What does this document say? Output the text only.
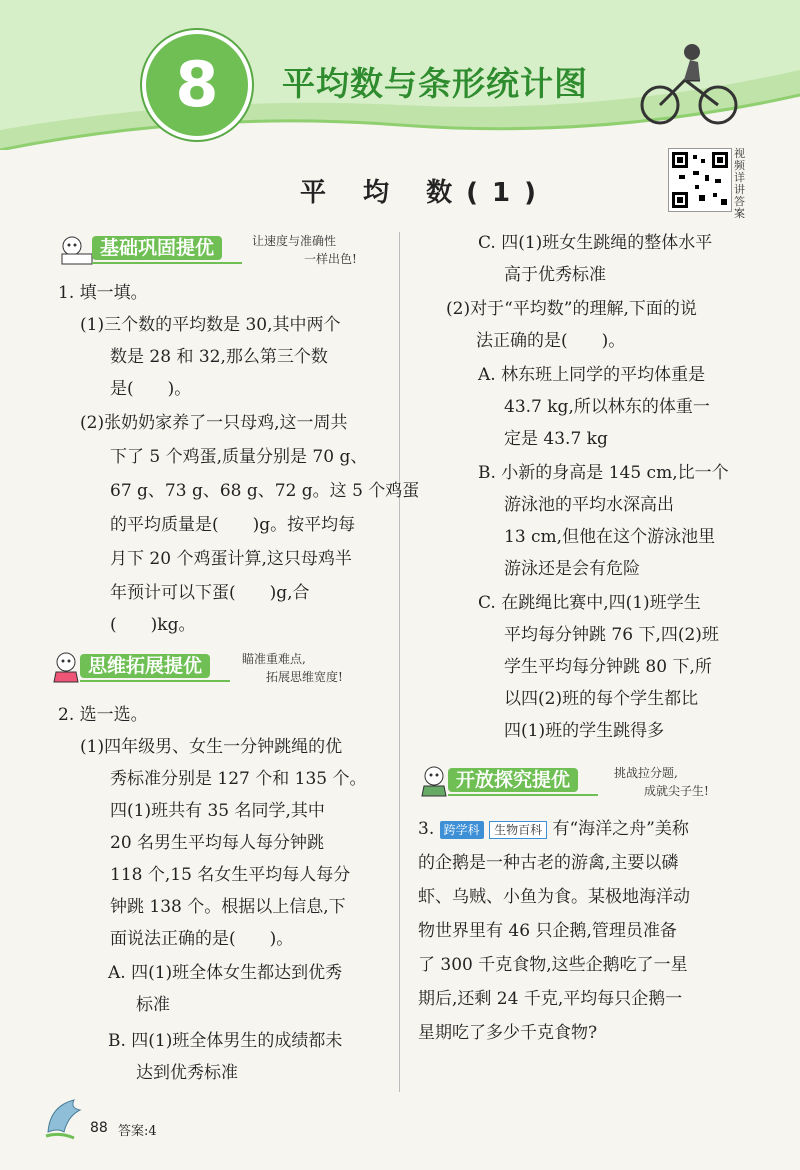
8	平均数与条形统计图
视频详讲答案
平 均 数(1)
基础巩固提优	让速度与准确性
一样出色!
思维拓展提优	瞄准重难点,
拓展思维宽度!
开放探究提优	挑战拉分题,
成就尖子生!
1. 填一填。
(1)三个数的平均数是 30,其中两个
数是 28 和 32,那么第三个数
是(　　)。
(2)张奶奶家养了一只母鸡,这一周共
下了 5 个鸡蛋,质量分别是 70 g、
67 g、73 g、68 g、72 g。这 5 个鸡蛋
的平均质量是(　　)g。按平均每
月下 20 个鸡蛋计算,这只母鸡半
年预计可以下蛋(　　)g,合
(　　)kg。
2. 选一选。
(1)四年级男、女生一分钟跳绳的优
秀标准分别是 127 个和 135 个。
四(1)班共有 35 名同学,其中
20 名男生平均每人每分钟跳
118 个,15 名女生平均每人每分
钟跳 138 个。根据以上信息,下
面说法正确的是(　　)。
A. 四(1)班全体女生都达到优秀
标准
B. 四(1)班全体男生的成绩都未
达到优秀标准
C. 四(1)班女生跳绳的整体水平
高于优秀标准
(2)对于“平均数”的理解,下面的说
法正确的是(　　)。
A. 林东班上同学的平均体重是
43.7 kg,所以林东的体重一
定是 43.7 kg
B. 小新的身高是 145 cm,比一个
游泳池的平均水深高出
13 cm,但他在这个游泳池里
游泳还是会有危险
C. 在跳绳比赛中,四(1)班学生
平均每分钟跳 76 下,四(2)班
学生平均每分钟跳 80 下,所
以四(2)班的每个学生都比
四(1)班的学生跳得多
3. 跨学科 生物百科 有“海洋之舟”美称
的企鹅是一种古老的游禽,主要以磷
虾、乌贼、小鱼为食。某极地海洋动
物世界里有 46 只企鹅,管理员准备
了 300 千克食物,这些企鹅吃了一星
期后,还剩 24 千克,平均每只企鹅一
星期吃了多少千克食物?
88 答案:4
